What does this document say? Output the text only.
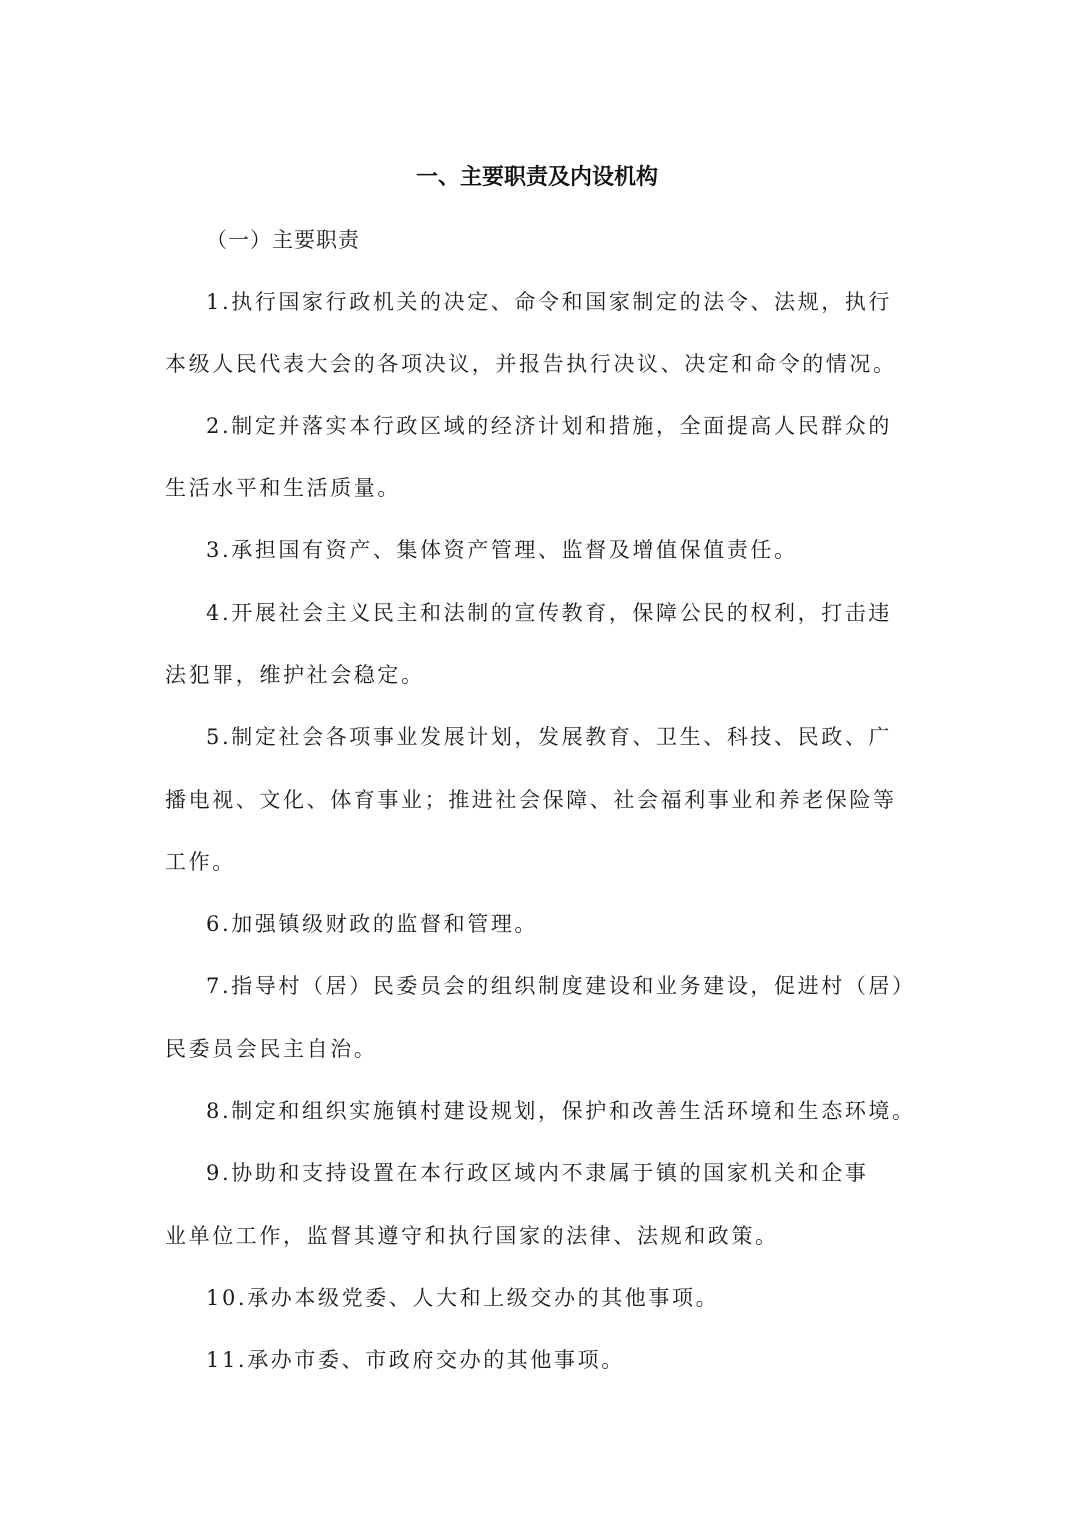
一、主要职责及内设机构
（一）主要职责
1.执行国家行政机关的决定、命令和国家制定的法令、法规，执行
本级人民代表大会的各项决议，并报告执行决议、决定和命令的情况。
2.制定并落实本行政区域的经济计划和措施，全面提高人民群众的
生活水平和生活质量。
3.承担国有资产、集体资产管理、监督及增值保值责任。
4.开展社会主义民主和法制的宣传教育，保障公民的权利，打击违
法犯罪，维护社会稳定。
5.制定社会各项事业发展计划，发展教育、卫生、科技、民政、广
播电视、文化、体育事业；推进社会保障、社会福利事业和养老保险等
工作。
6.加强镇级财政的监督和管理。
7.指导村（居）民委员会的组织制度建设和业务建设，促进村（居）
民委员会民主自治。
8.制定和组织实施镇村建设规划，保护和改善生活环境和生态环境。
9.协助和支持设置在本行政区域内不隶属于镇的国家机关和企事
业单位工作，监督其遵守和执行国家的法律、法规和政策。
10.承办本级党委、人大和上级交办的其他事项。
11.承办市委、市政府交办的其他事项。
